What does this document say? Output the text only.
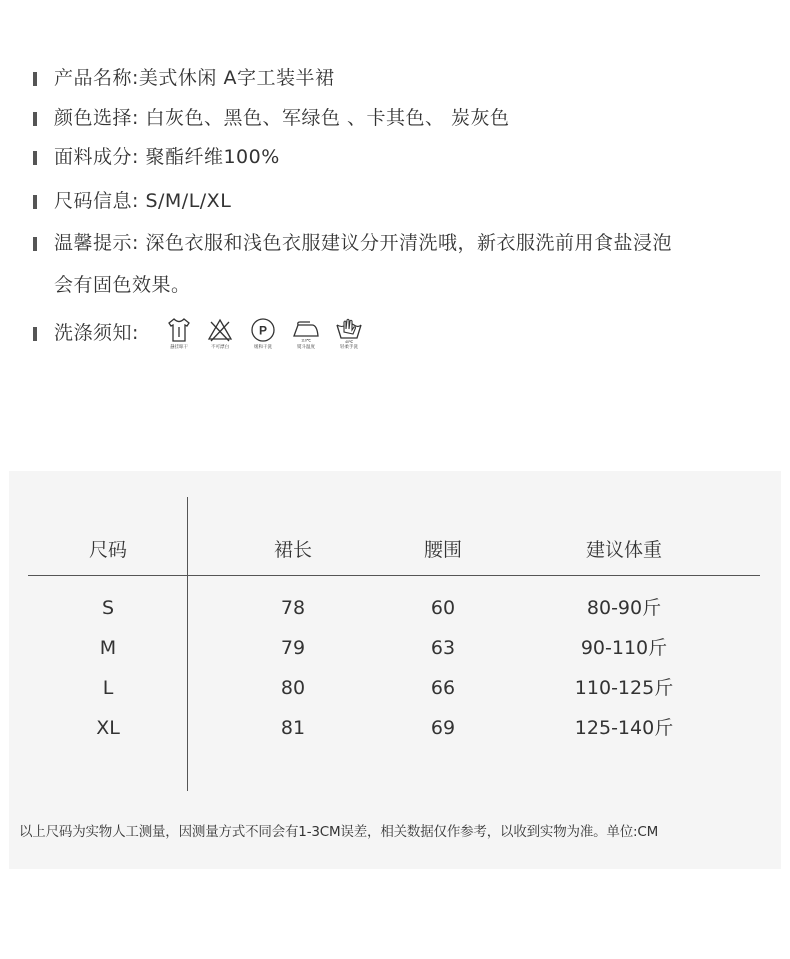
产品名称:美式休闲 A字工装半裙
颜色选择: 白灰色、黑色、军绿色 、卡其色、 炭灰色
面料成分: 聚酯纤维100%
尺码信息: S/M/L/XL
温馨提示: 深色衣服和浅色衣服建议分开清洗哦，新衣服洗前用食盐浸泡
会有固色效果。
洗涤须知:
悬挂晾干	不可漂白
P
缓和干洗
110℃
熨斗温度
40℃
轻柔手洗
尺码	裙长	腰围	建议体重
S	78	60	80-90斤
M	79	63	90-110斤
L	80	66	110-125斤
XL	81	69	125-140斤
以上尺码为实物人工测量，因测量方式不同会有1-3CM误差，相关数据仅作参考，以收到实物为准。单位:CM
